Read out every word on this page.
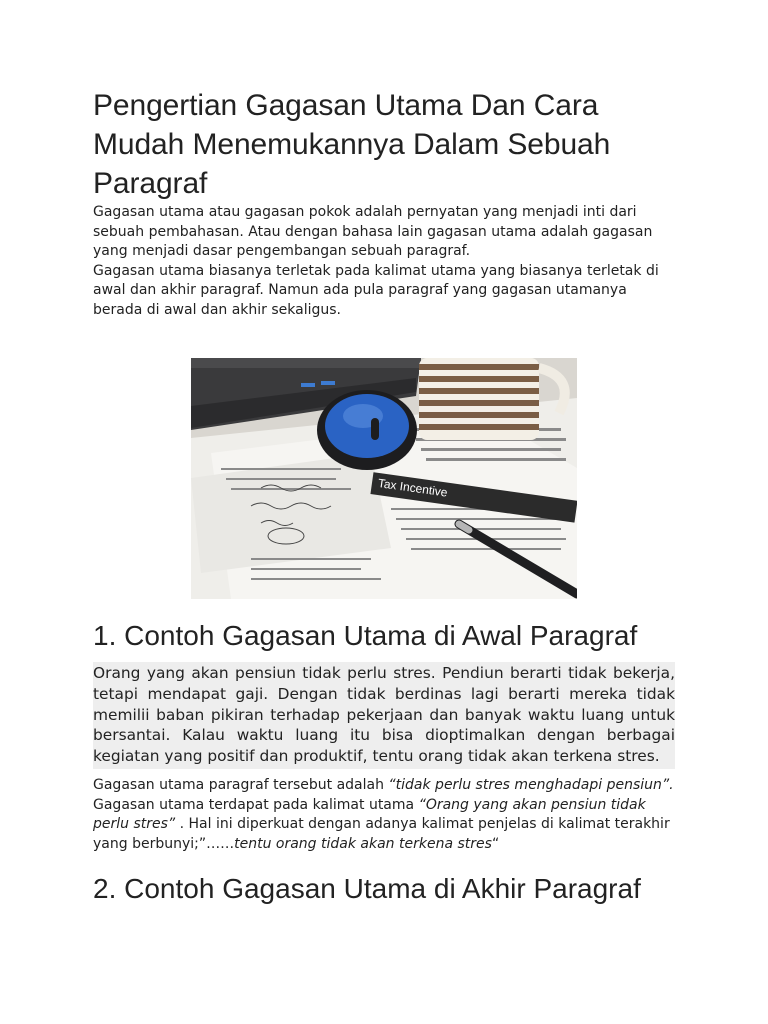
Pengertian Gagasan Utama Dan Cara Mudah Menemukannya Dalam Sebuah Paragraf

Gagasan utama atau gagasan pokok adalah pernyatan yang menjadi inti dari sebuah pembahasan. Atau dengan bahasa lain gagasan utama adalah gagasan yang menjadi dasar pengembangan sebuah paragraf.

Gagasan utama biasanya terletak pada kalimat utama yang biasanya terletak di awal dan akhir paragraf. Namun ada pula paragraf yang gagasan utamanya berada di awal dan akhir sekaligus.

Tax Incentive
1. Contoh Gagasan Utama di Awal Paragraf
Orang yang akan pensiun tidak perlu stres. Pendiun berarti tidak bekerja, tetapi mendapat gaji. Dengan tidak berdinas lagi berarti mereka tidak memilii baban pikiran terhadap pekerjaan dan banyak waktu luang untuk bersantai. Kalau waktu luang itu bisa dioptimalkan dengan berbagai kegiatan yang positif dan produktif, tentu orang tidak akan terkena stres.
Gagasan utama paragraf tersebut adalah “tidak perlu stres menghadapi pensiun”. Gagasan utama terdapat pada kalimat utama “Orang yang akan pensiun tidak perlu stres” . Hal ini diperkuat dengan adanya kalimat penjelas di kalimat terakhir yang berbunyi;”……tentu orang tidak akan terkena stres“
2. Contoh Gagasan Utama di Akhir Paragraf
